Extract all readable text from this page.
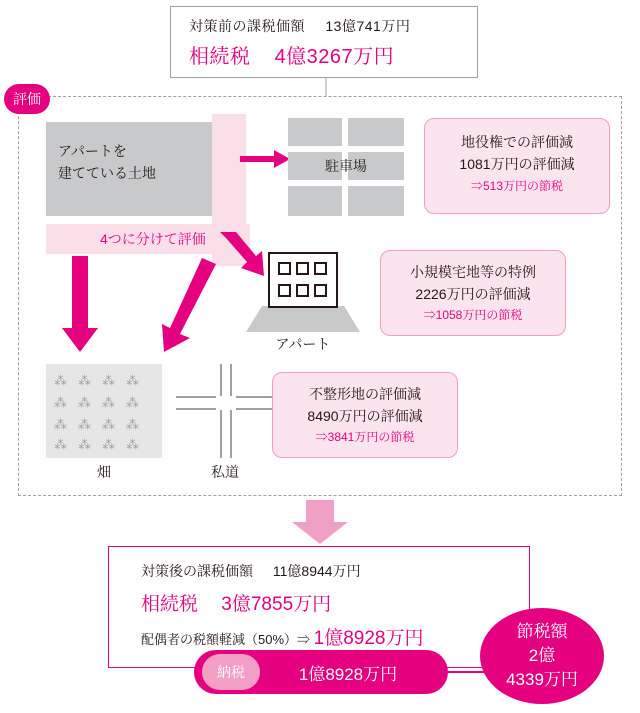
対策前の課税価額 13億741万円
相続税 4億3267万円
評価
4つに分けて評価
アパートを
建てている土地	駐車場
アパート
⁂ ⁂ ⁂ ⁂
⁂ ⁂ ⁂ ⁂
⁂ ⁂ ⁂ ⁂
⁂ ⁂ ⁂ ⁂
畑	私道
地役権での評価減
1081万円の評価減
⇒513万円の節税
小規模宅地等の特例
2226万円の評価減
⇒1058万円の節税
不整形地の評価減
8490万円の評価減
⇒3841万円の節税
対策後の課税価額 11億8944万円
相続税 3億7855万円
配偶者の税額軽減（50%）⇒ 1億8928万円
納税	1億8928万円
節税額
2億
4339万円
